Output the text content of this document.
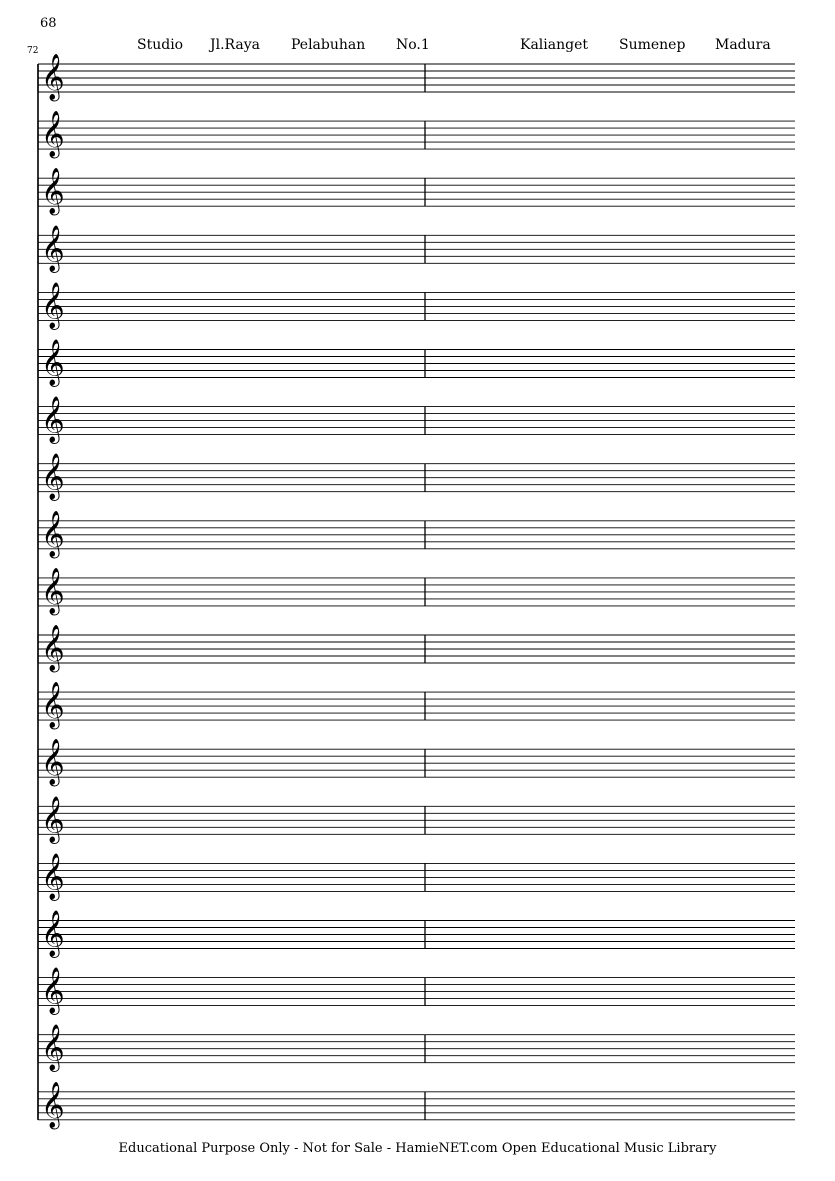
68
72	Studio Jl.Raya Pelabuhan No.1	Kalianget Sumenep Madura
𝄞
𝄞
𝄞
𝄞
𝄞
𝄞
𝄞
𝄞
𝄞
𝄞
𝄞
𝄞
𝄞
𝄞
𝄞
𝄞
𝄞
𝄞
𝄞
Educational Purpose Only - Not for Sale - HamieNET.com Open Educational Music Library
